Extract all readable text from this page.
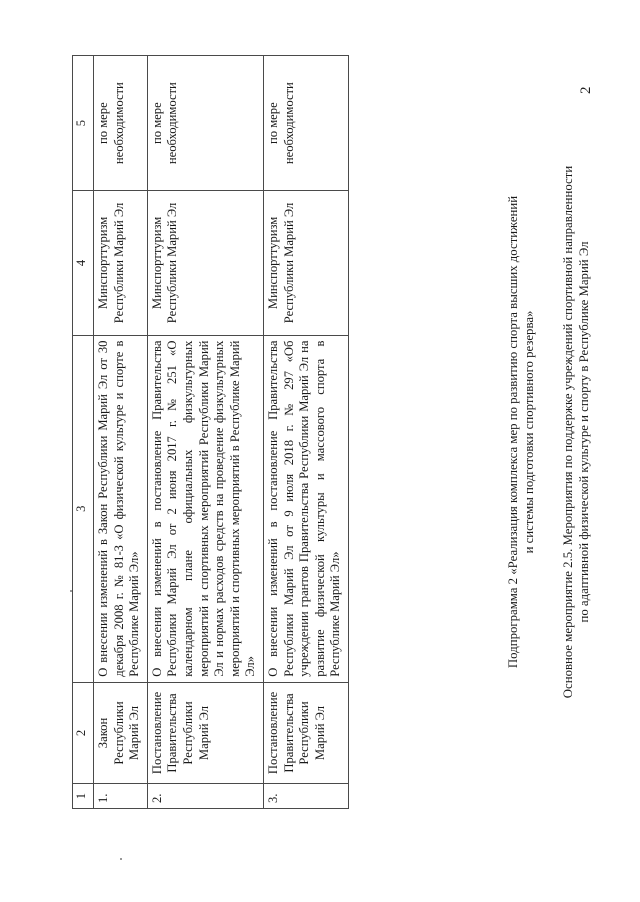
2
1	2	3	4	5
1.	Закон Республики Марий Эл	О внесении изменений в Закон Республики Марий Эл от 30 декабря 2008 г. № 81-З «О физической культуре и спорте в Республике Марий Эл»	Минспорттуризм Республики Марий Эл	по мере необходимости
2.	Постановление Правительства Республики Марий Эл	О внесении изменений в постановление Правительства Республики Марий Эл от 2 июня 2017 г. № 251 «О календарном плане официальных физкультурных мероприятий и спортивных мероприятий Республики Марий Эл и нормах расходов средств на проведение физкультурных мероприятий и спортивных мероприятий в Республике Марий Эл»	Минспорттуризм Республики Марий Эл	по мере необходимости
3.	Постановление Правительства Республики Марий Эл	О внесении изменений в постановление Правительства Республики Марий Эл от 9 июля 2018 г. № 297 «Об учреждении грантов Правительства Республики Марий Эл на развитие физической культуры и массового спорта в Республике Марий Эл»	Минспорттуризм Республики Марий Эл	по мере необходимости
Подпрограмма 2 «Реализация комплекса мер по развитию спорта высших достижений и системы подготовки спортивного резерва» Основное мероприятие 2.5. Мероприятия по поддержке учреждений спортивной направленности по адаптивной физической культуре и спорту в Республике Марий Эл
